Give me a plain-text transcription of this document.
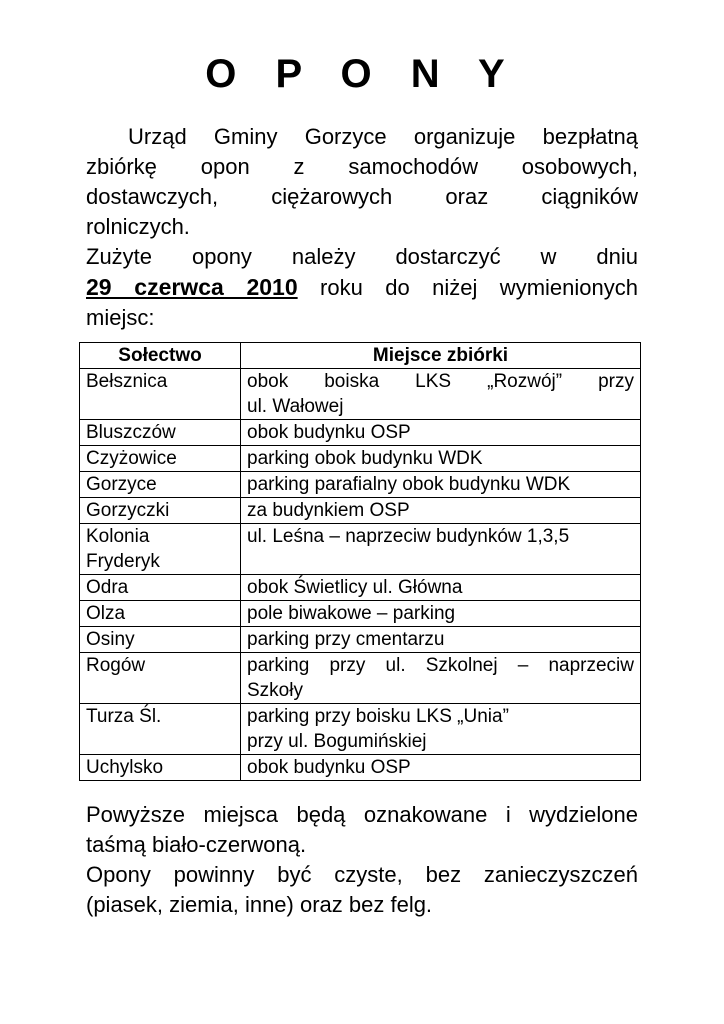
O P O N Y

Urząd Gminy Gorzyce organizuje bezpłatną

zbiórkę opon z samochodów osobowych,

dostawczych, ciężarowych oraz ciągników

rolniczych.

Zużyte opony należy dostarczyć w dniu

29 czerwca 2010 roku do niżej wymienionych

miejsc:

Sołectwo	Miejsce zbiórki
Bełsznica	obok boiska LKS „Rozwój” przy
ul. Wałowej

Bluszczów	obok budynku OSP
Czyżowice	parking obok budynku WDK
Gorzyce	parking parafialny obok budynku WDK
Gorzyczki	za budynkiem OSP

Kolonia
Fryderyk	ul. Leśna – naprzeciw budynków 1,3,5
Odra	obok Świetlicy ul. Główna
Olza	pole biwakowe – parking
Osiny	parking przy cmentarzu
Rogów	parking przy ul. Szkolnej – naprzeciw
Szkoły

Turza Śl.	parking przy boisku LKS „Unia”
przy ul. Bogumińskiej

Uchylsko	obok budynku OSP

Powyższe miejsca będą oznakowane i wydzielone

taśmą biało-czerwoną.

Opony powinny być czyste, bez zanieczyszczeń

(piasek, ziemia, inne) oraz bez felg.
